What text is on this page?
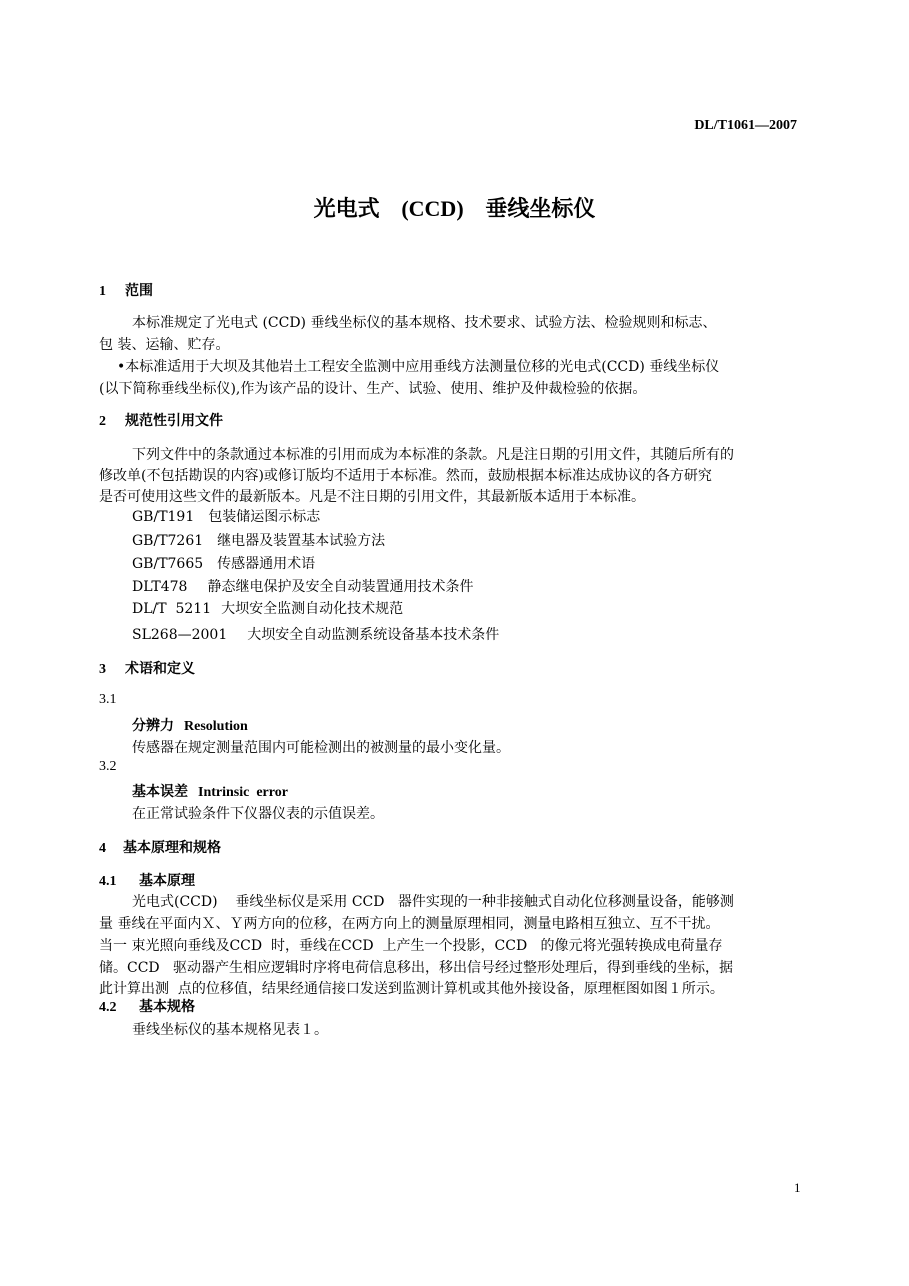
DL/T1061—2007
光电式 (CCD) 垂线坐标仪
1 范围
本标准规定了光电式 (CCD) 垂线坐标仪的基本规格、技术要求、试验方法、检验规则和标志、
包 装、运输、贮存。
•本标准适用于大坝及其他岩土工程安全监测中应用垂线方法测量位移的光电式(CCD) 垂线坐标仪
(以下简称垂线坐标仪),作为该产品的设计、生产、试验、使用、维护及仲裁检验的依据。
2 规范性引用文件
下列文件中的条款通过本标准的引用而成为本标准的条款。凡是注日期的引用文件，其随后所有的
修改单(不包括勘误的内容)或修订版均不适用于本标准。然而，鼓励根据本标准达成协议的各方研究
是否可使用这些文件的最新版本。凡是不注日期的引用文件，其最新版本适用于本标准。
GB/T191 包装储运图示标志
GB/T7261 继电器及装置基本试验方法
GB/T7665 传感器通用术语
DLT478 静态继电保护及安全自动装置通用技术条件
DL/T  5211 大坝安全监测自动化技术规范
SL268—2001 大坝安全自动监测系统设备基本技术条件
3 术语和定义
3.1
分辨力 Resolution
传感器在规定测量范围内可能检测出的被测量的最小变化量。
3.2
基本误差 Intrinsic  error
在正常试验条件下仪器仪表的示值误差。
4 基本原理和规格
4.1 基本原理
光电式(CCD)    垂线坐标仪是采用 CCD   器件实现的一种非接触式自动化位移测量设备，能够测
量 垂线在平面内Ｘ、Ｙ两方向的位移，在两方向上的测量原理相同，测量电路相互独立、互不干扰。
当一 束光照向垂线及CCD  时，垂线在CCD  上产生一个投影，CCD   的像元将光强转换成电荷量存
储。CCD   驱动器产生相应逻辑时序将电荷信息移出，移出信号经过整形处理后，得到垂线的坐标，据
此计算出测  点的位移值，结果经通信接口发送到监测计算机或其他外接设备，原理框图如图１所示。
4.2 基本规格
垂线坐标仪的基本规格见表１。
1
